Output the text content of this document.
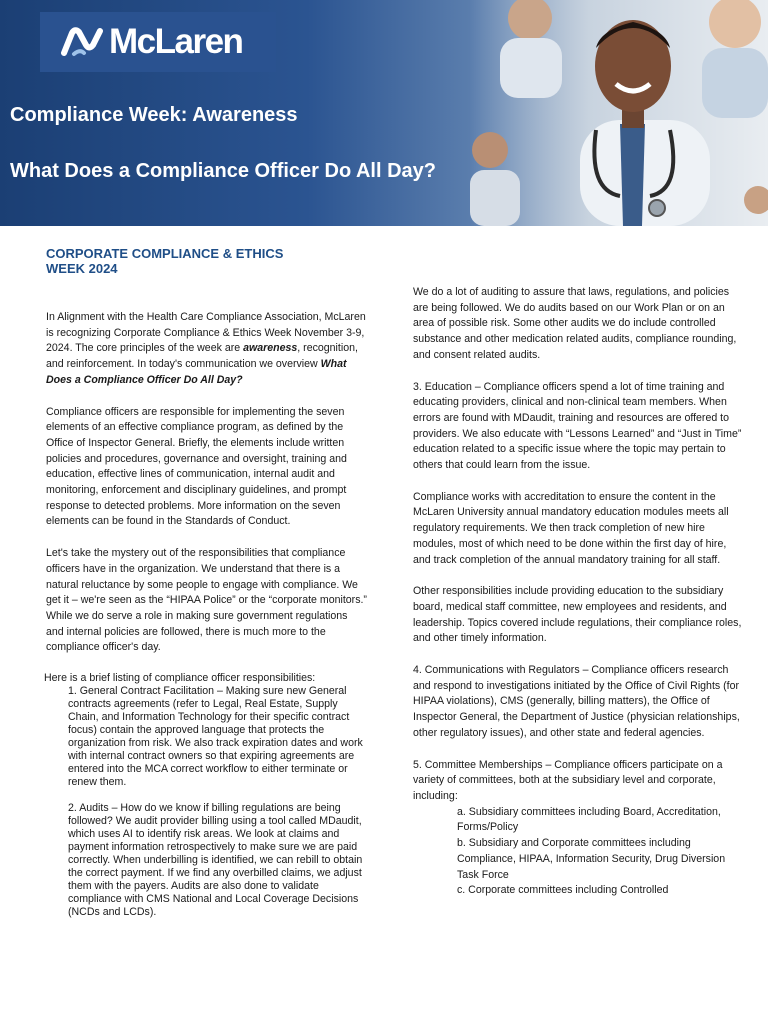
McLaren
Compliance Week: Awareness
What Does a Compliance Officer Do All Day?
CORPORATE COMPLIANCE & ETHICS WEEK 2024

In Alignment with the Health Care Compliance Association, McLaren is recognizing Corporate Compliance & Ethics Week November 3-9, 2024. The core principles of the week are awareness, recognition, and reinforcement. In today's communication we overview What Does a Compliance Officer Do All Day?

Compliance officers are responsible for implementing the seven elements of an effective compliance program, as defined by the Office of Inspector General. Briefly, the elements include written policies and procedures, governance and oversight, training and education, effective lines of communication, internal audit and monitoring, enforcement and disciplinary guidelines, and prompt response to detected problems. More information on the seven elements can be found in the Standards of Conduct.

Let's take the mystery out of the responsibilities that compliance officers have in the organization. We understand that there is a natural reluctance by some people to engage with compliance. We get it – we're seen as the “HIPAA Police” or the “corporate monitors.” While we do serve a role in making sure government regulations and internal policies are followed, there is much more to the compliance officer's day.

Here is a brief listing of compliance officer responsibilities:
1. General Contract Facilitation – Making sure new General contracts agreements (refer to Legal, Real Estate, Supply Chain, and Information Technology for their specific contract focus) contain the approved language that protects the organization from risk. We also track expiration dates and work with internal contract owners so that expiring agreements are entered into the MCA correct workflow to either terminate or renew them.
2. Audits – How do we know if billing regulations are being followed? We audit provider billing using a tool called MDaudit, which uses AI to identify risk areas. We look at claims and payment information retrospectively to make sure we are paid correctly. When underbilling is identified, we can rebill to obtain the correct payment. If we find any overbilled claims, we adjust them with the payers. Audits are also done to validate compliance with CMS National and Local Coverage Decisions (NCDs and LCDs).

We do a lot of auditing to assure that laws, regulations, and policies are being followed. We do audits based on our Work Plan or on an area of possible risk. Some other audits we do include controlled substance and other medication related audits, compliance rounding, and consent related audits.

3. Education – Compliance officers spend a lot of time training and educating providers, clinical and non-clinical team members. When errors are found with MDaudit, training and resources are offered to providers. We also educate with “Lessons Learned” and “Just in Time” education related to a specific issue where the topic may pertain to others that could learn from the issue.

Compliance works with accreditation to ensure the content in the McLaren University annual mandatory education modules meets all regulatory requirements. We then track completion of new hire modules, most of which need to be done within the first day of hire, and track completion of the annual mandatory training for all staff.

Other responsibilities include providing education to the subsidiary board, medical staff committee, new employees and residents, and leadership. Topics covered include regulations, their compliance roles, and other timely information.

4. Communications with Regulators – Compliance officers research and respond to investigations initiated by the Office of Civil Rights (for HIPAA violations), CMS (generally, billing matters), the Office of Inspector General, the Department of Justice (physician relationships, other regulatory issues), and other state and federal agencies.

5. Committee Memberships – Compliance officers participate on a variety of committees, both at the subsidiary level and corporate, including:

a. Subsidiary committees including Board, Accreditation, Forms/Policy
b. Subsidiary and Corporate committees including Compliance, HIPAA, Information Security, Drug Diversion Task Force
c. Corporate committees including Controlled
